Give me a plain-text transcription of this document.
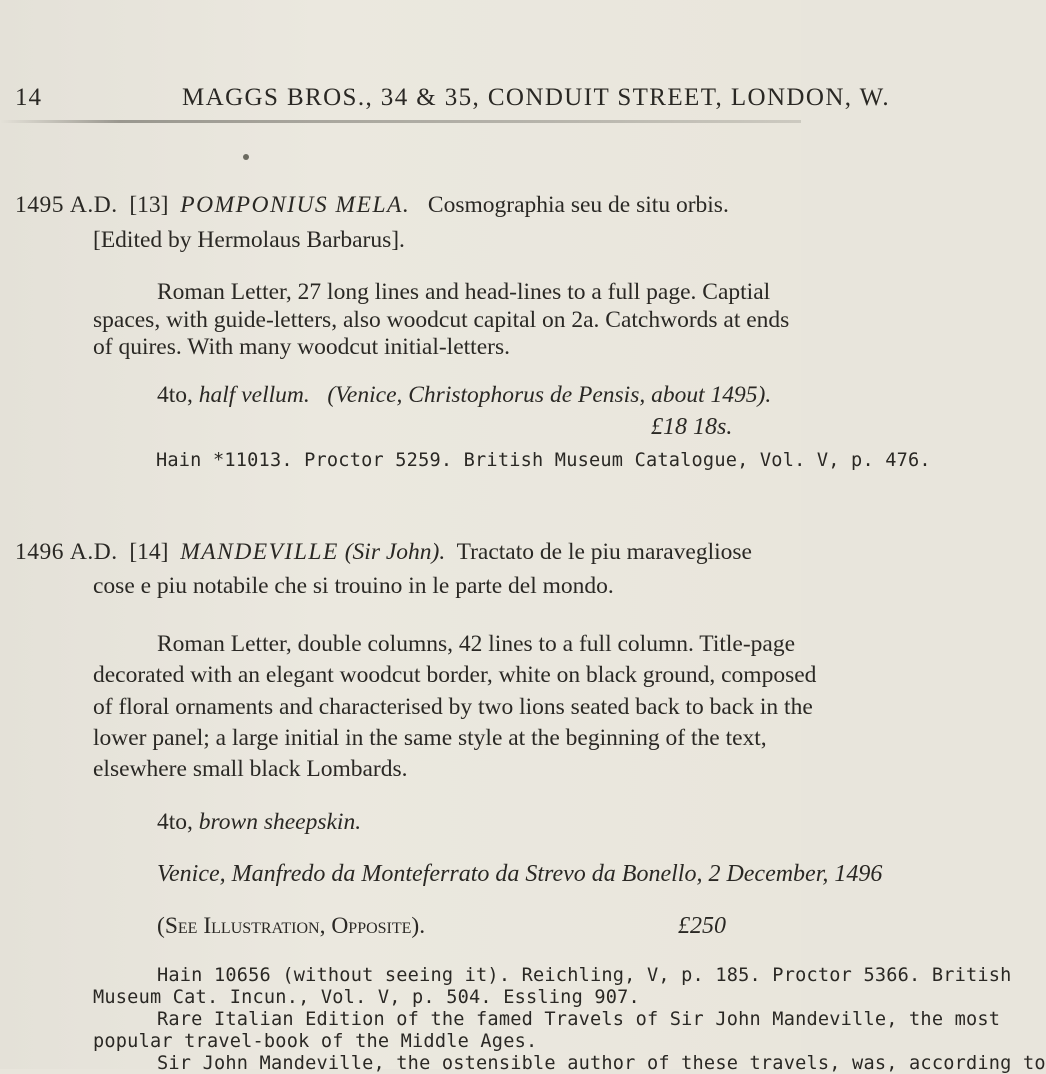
14	MAGGS BROS., 34 & 35, CONDUIT STREET, LONDON, W.
1495 A.D. [13] POMPONIUS MELA. Cosmographia seu de situ orbis.
[Edited by Hermolaus Barbarus].
Roman Letter, 27 long lines and head-lines to a full page. Captial
spaces, with guide-letters, also woodcut capital on 2a. Catchwords at ends
of quires. With many woodcut initial-letters.
4to, half vellum. (Venice, Christophorus de Pensis, about 1495).
£18 18s.
Hain *11013. Proctor 5259. British Museum Catalogue, Vol. V, p. 476.
1496 A.D. [14] MANDEVILLE (Sir John). Tractato de le piu maravegliose
cose e piu notabile che si trouino in le parte del mondo.
Roman Letter, double columns, 42 lines to a full column. Title-page
decorated with an elegant woodcut border, white on black ground, composed
of floral ornaments and characterised by two lions seated back to back in the
lower panel; a large initial in the same style at the beginning of the text,
elsewhere small black Lombards.
4to, brown sheepskin.
Venice, Manfredo da Monteferrato da Strevo da Bonello, 2 December, 1496
(See Illustration, Opposite).	£250
Hain 10656 (without seeing it). Reichling, V, p. 185. Proctor 5366. British
Museum Cat. Incun., Vol. V, p. 504. Essling 907.
Rare Italian Edition of the famed Travels of Sir John Mandeville, the most
popular travel-book of the Middle Ages.
Sir John Mandeville, the ostensible author of these travels, was, according to
